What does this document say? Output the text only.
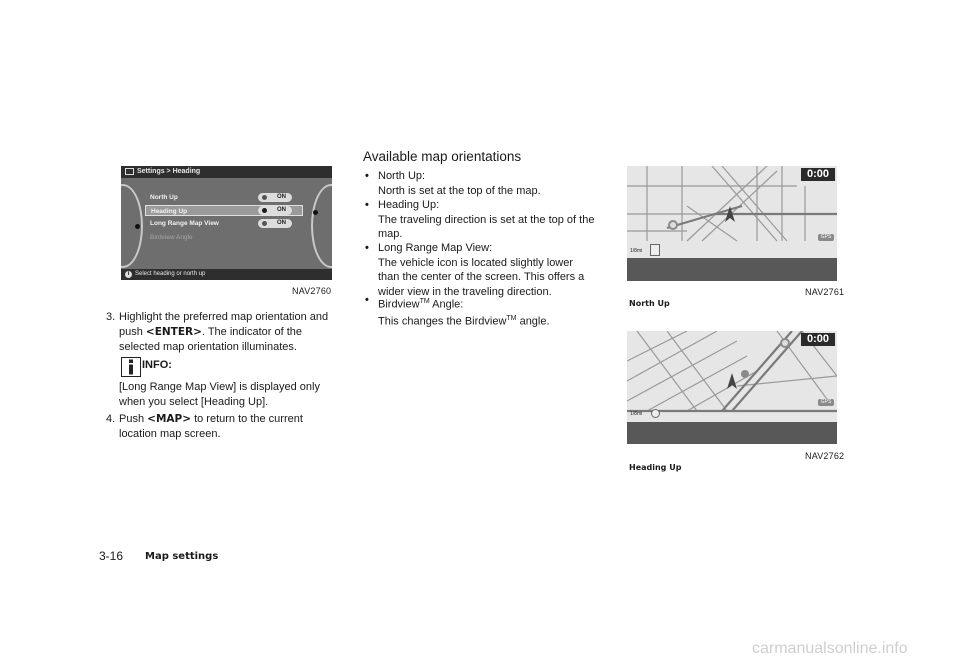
Settings > Heading
North Up
Heading Up
Long Range Map View
Birdview Angle
ON
ON
ON
i Select heading or north up
NAV2760
3. Highlight the preferred map orientation and
push <ENTER>. The indicator of the
selected map orientation illuminates.
INFO:
[Long Range Map View] is displayed only
when you select [Heading Up].
4. Push <MAP> to return to the current
location map screen.
Available map orientations
• North Up:
North is set at the top of the map.
• Heading Up:
The traveling direction is set at the top of the
map.
• Long Range Map View:
The vehicle icon is located slightly lower
than the center of the screen. This offers a
wider view in the traveling direction.
• Birdview™ Angle:
This changes the Birdview™ angle.
0:00
GPS
1/8mi
NAV2761
North Up
0:00
GPS
1/8mi
NAV2762
Heading Up
3-16 Map settings
carmanualsonline.info
